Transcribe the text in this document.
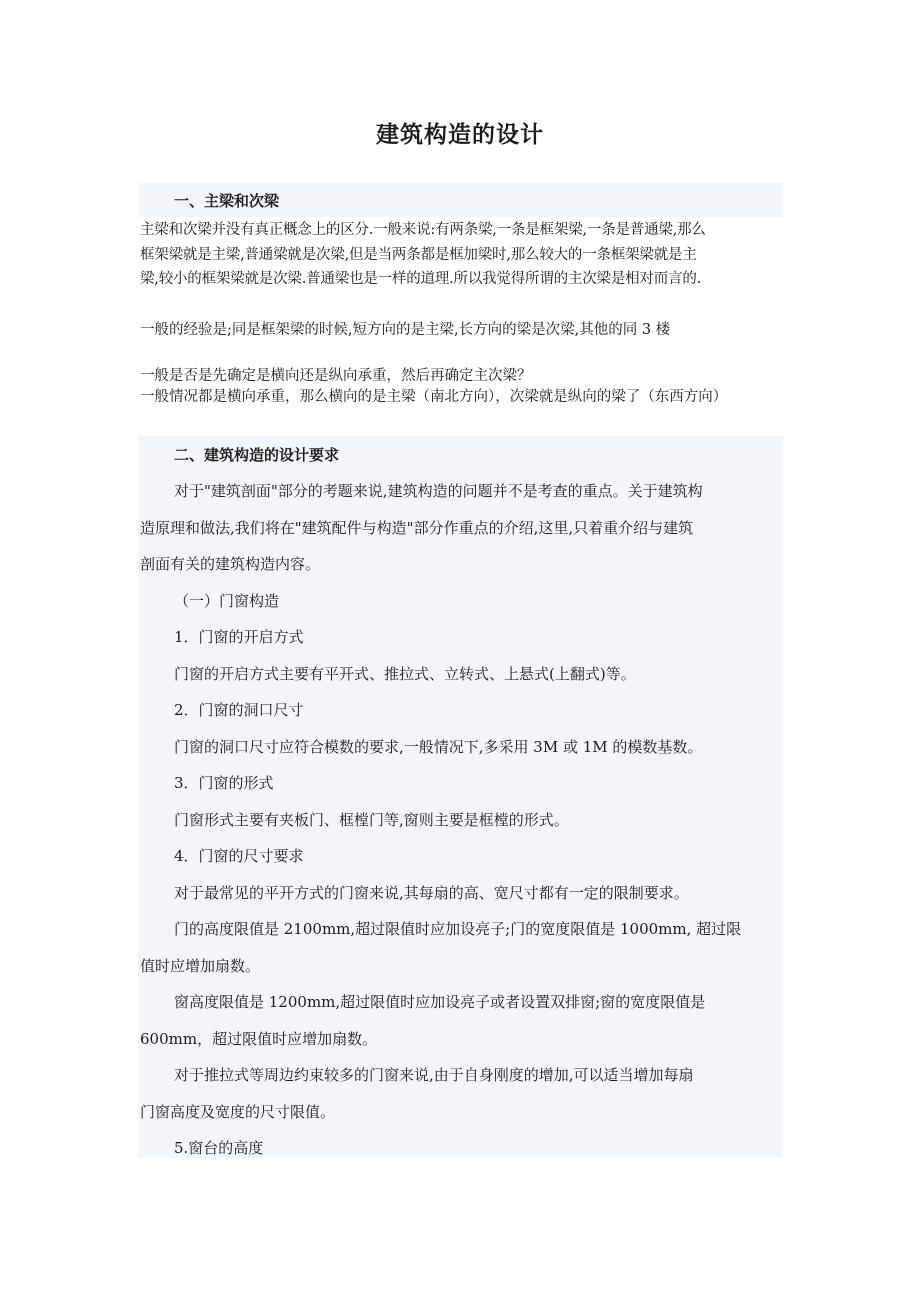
建筑构造的设计
一、主梁和次梁

主梁和次梁并没有真正概念上的区分.一般来说:有两条梁,一条是框架梁,一条是普通梁,那么

框架梁就是主梁,普通梁就是次梁,但是当两条都是框加梁时,那么较大的一条框架梁就是主

梁,较小的框架梁就是次梁.普通梁也是一样的道理.所以我觉得所谓的主次梁是相对而言的.

一般的经验是;同是框架梁的时候,短方向的是主梁,长方向的梁是次梁,其他的同 3 楼

一般是否是先确定是横向还是纵向承重，然后再确定主次梁？

一般情况都是横向承重，那么横向的是主梁（南北方向），次梁就是纵向的梁了（东西方向）

二、建筑构造的设计要求

对于"建筑剖面"部分的考题来说,建筑构造的问题并不是考查的重点。关于建筑构

造原理和做法,我们将在"建筑配件与构造"部分作重点的介绍,这里,只着重介绍与建筑

剖面有关的建筑构造内容。

（一）门窗构造

1．门窗的开启方式

门窗的开启方式主要有平开式、推拉式、立转式、上悬式(上翻式)等。

2．门窗的洞口尺寸

门窗的洞口尺寸应符合模数的要求,一般情况下,多采用 3M 或 1M 的模数基数。

3．门窗的形式

门窗形式主要有夹板门、框樘门等,窗则主要是框樘的形式。

4．门窗的尺寸要求

对于最常见的平开方式的门窗来说,其每扇的高、宽尺寸都有一定的限制要求。

门的高度限值是 2100mm,超过限值时应加设亮子;门的宽度限值是 1000mm, 超过限

值时应增加扇数。

窗高度限值是 1200mm,超过限值时应加设亮子或者设置双排窗;窗的宽度限值是

600mm，超过限值时应增加扇数。

对于推拉式等周边约束较多的门窗来说,由于自身刚度的增加,可以适当增加每扇

门窗高度及宽度的尺寸限值。

5.窗台的高度
